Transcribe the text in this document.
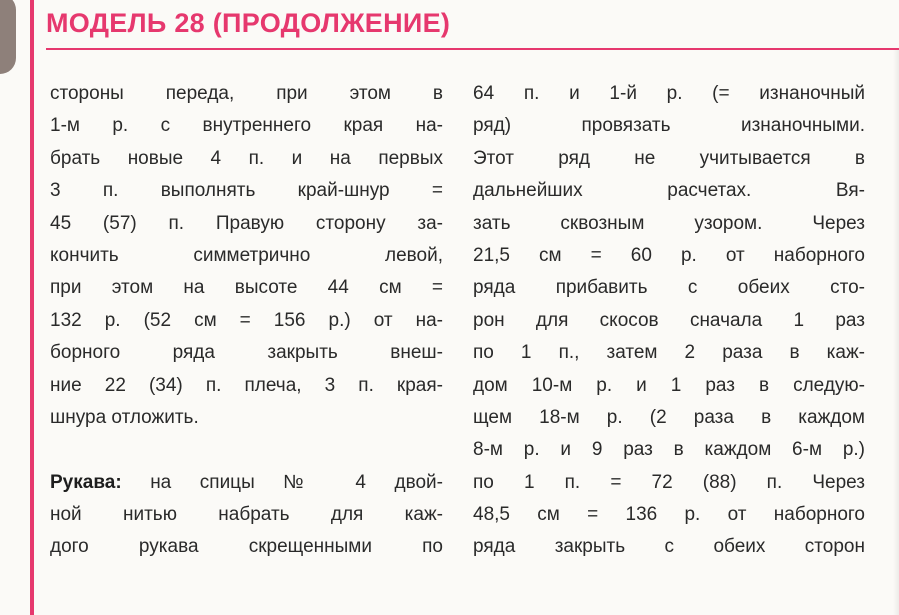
МОДЕЛЬ 28 (ПРОДОЛЖЕНИЕ)
стороны переда, при этом в
1-м р. с внутреннего края на-
брать новые 4 п. и на первых
3 п. выполнять край-шнур =
45 (57) п. Правую сторону за-
кончить симметрично левой,
при этом на высоте 44 см =
132 р. (52 см = 156 р.) от на-
борного ряда закрыть внеш-
ние 22 (34) п. плеча, 3 п. края-
шнура отложить.
Рукава: на спицы № 4 двой-
ной нитью набрать для каж-
дого рукава скрещенными по
64 п. и 1-й р. (= изнаночный
ряд) провязать изнаночными.
Этот ряд не учитывается в
дальнейших расчетах. Вя-
зать сквозным узором. Через
21,5 см = 60 р. от наборного
ряда прибавить с обеих сто-
рон для скосов сначала 1 раз
по 1 п., затем 2 раза в каж-
дом 10-м р. и 1 раз в следую-
щем 18-м р. (2 раза в каждом
8-м р. и 9 раз в каждом 6-м р.)
по 1 п. = 72 (88) п. Через
48,5 см = 136 р. от наборного
ряда закрыть с обеих сторон
